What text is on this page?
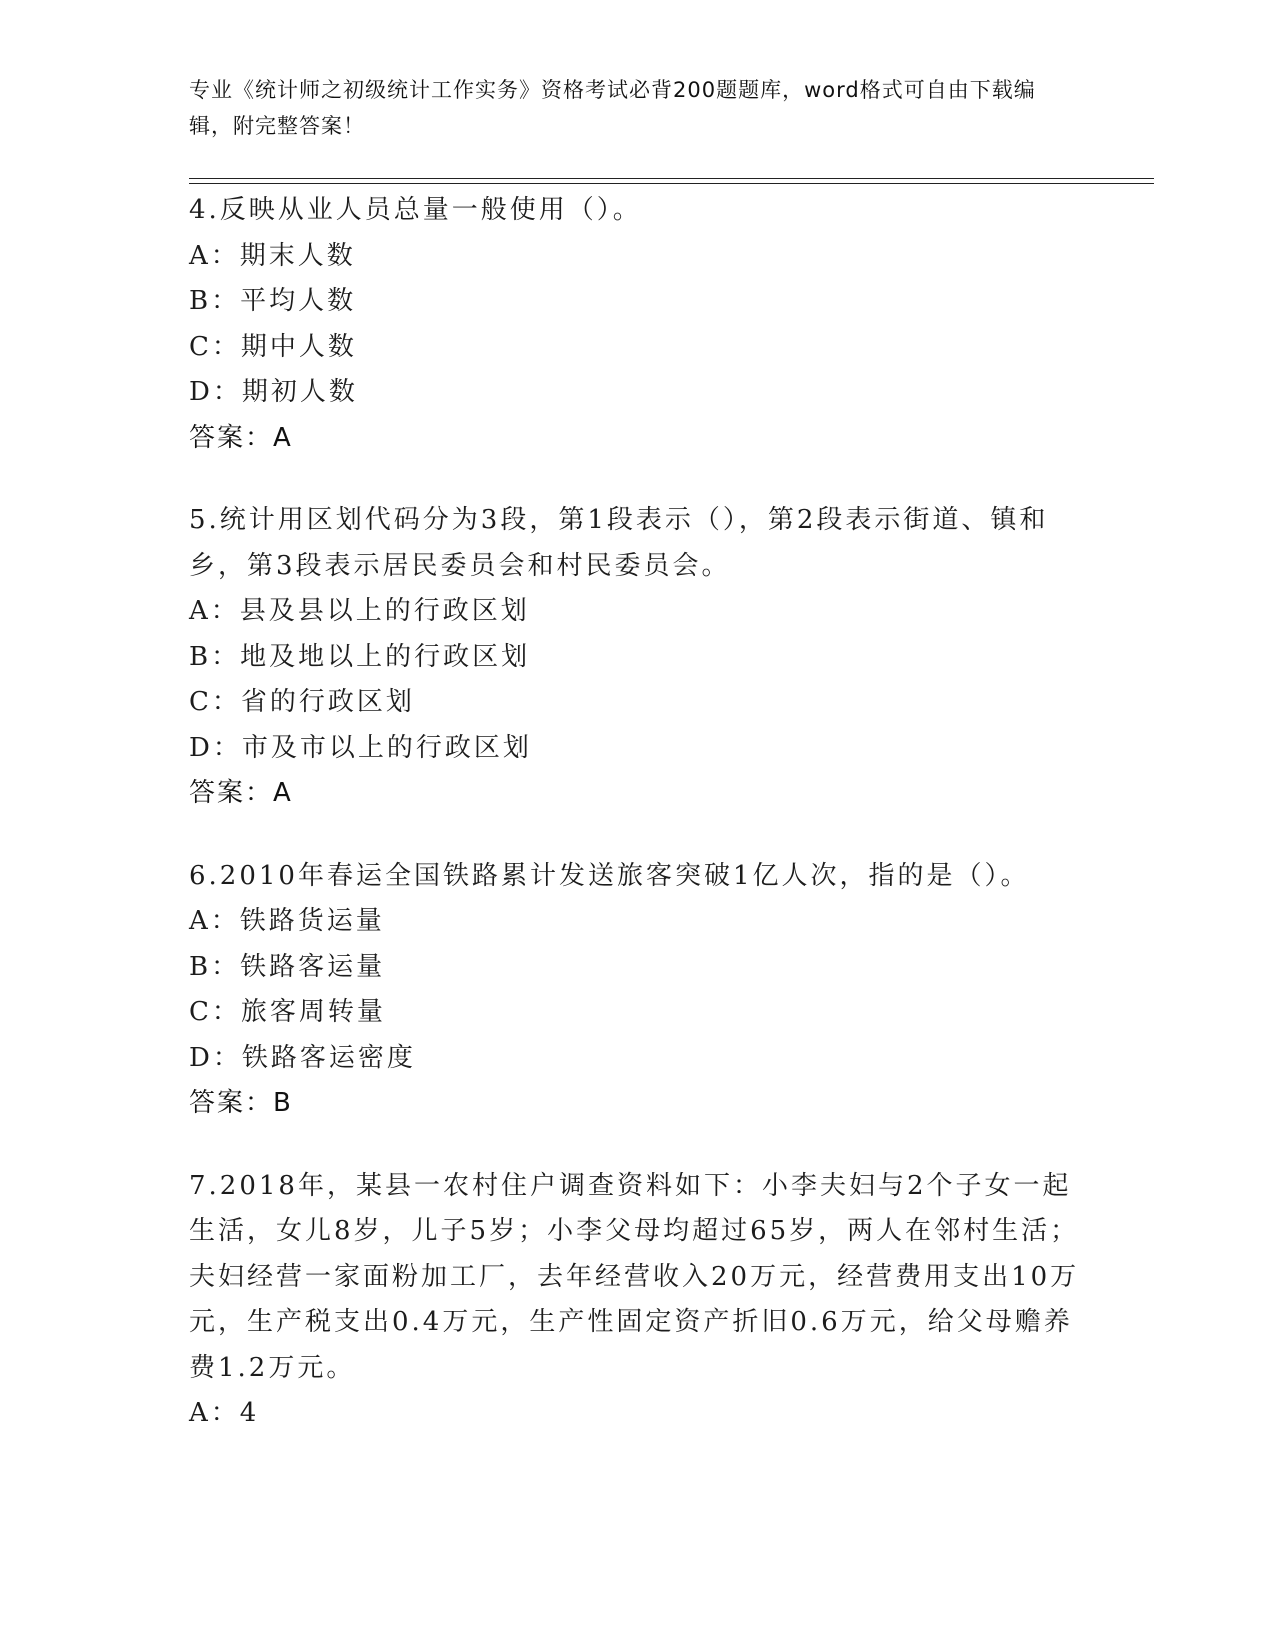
专业《统计师之初级统计工作实务》资格考试必背200题题库，word格式可自由下载编辑，附完整答案！
4.反映从业人员总量一般使用（）。
A：期末人数
B：平均人数
C：期中人数
D：期初人数
答案：A
5.统计用区划代码分为3段，第1段表示（），第2段表示街道、镇和乡，第3段表示居民委员会和村民委员会。
A：县及县以上的行政区划
B：地及地以上的行政区划
C：省的行政区划
D：市及市以上的行政区划
答案：A
6.2010年春运全国铁路累计发送旅客突破1亿人次，指的是（）。
A：铁路货运量
B：铁路客运量
C：旅客周转量
D：铁路客运密度
答案：B
7.2018年，某县一农村住户调查资料如下：小李夫妇与2个子女一起生活，女儿8岁，儿子5岁；小李父母均超过65岁，两人在邻村生活；夫妇经营一家面粉加工厂，去年经营收入20万元，经营费用支出10万元，生产税支出0.4万元，生产性固定资产折旧0.6万元，给父母赡养费1.2万元。
A：4
